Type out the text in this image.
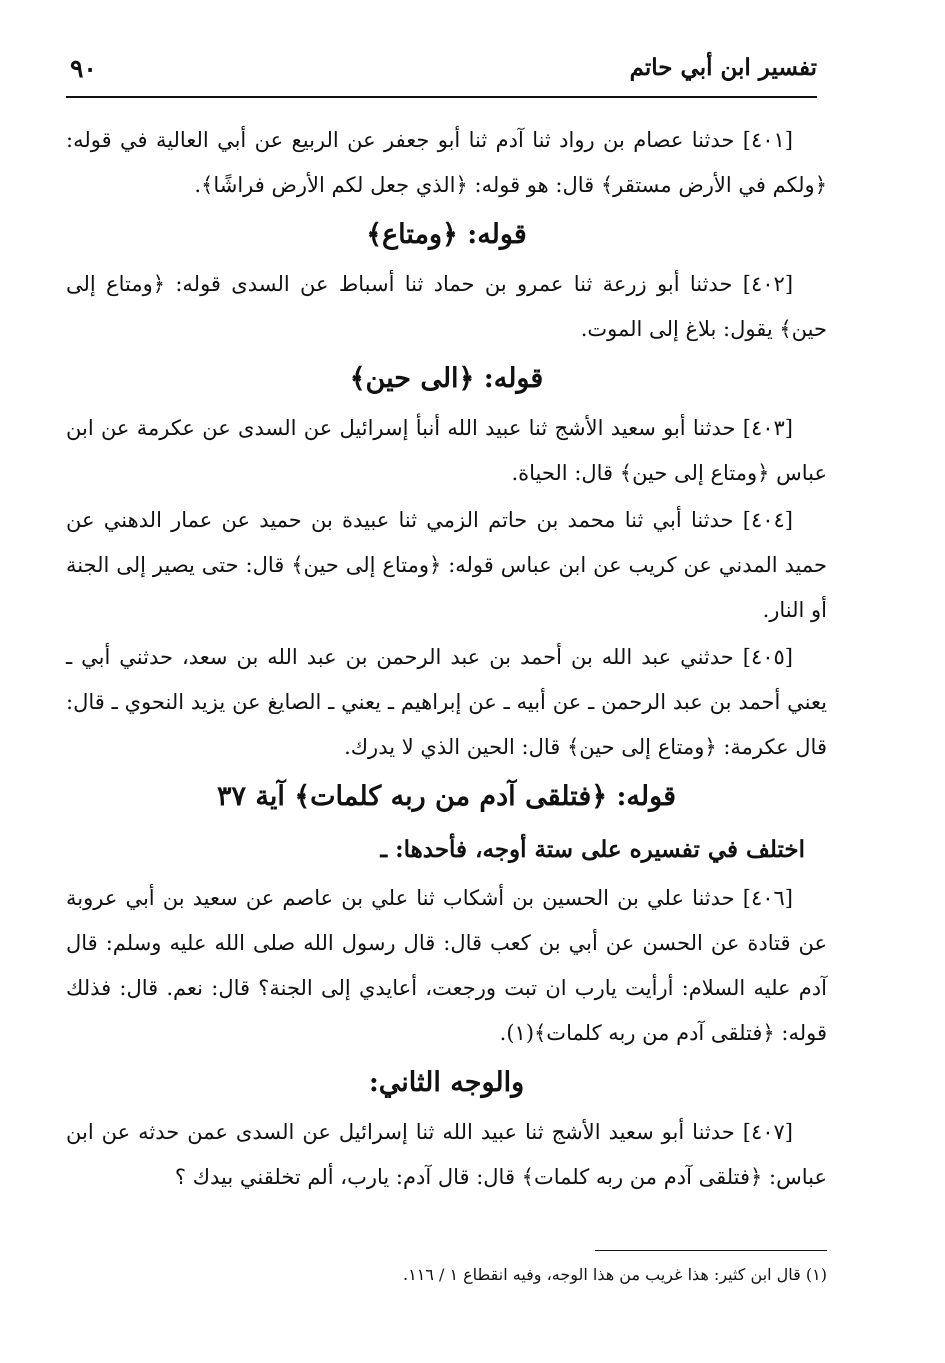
تفسير ابن أبي حاتم
٩٠

[٤٠١] حدثنا عصام بن رواد ثنا آدم ثنا أبو جعفر عن الربيع عن أبي العالية في قوله: ﴿ولكم في الأرض مستقر﴾ قال: هو قوله: ﴿الذي جعل لكم الأرض فراشًا﴾.

قوله: ﴿ومتاع﴾

[٤٠٢] حدثنا أبو زرعة ثنا عمرو بن حماد ثنا أسباط عن السدى قوله: ﴿ومتاع إلى حين﴾ يقول: بلاغ إلى الموت.

قوله: ﴿الى حين﴾

[٤٠٣] حدثنا أبو سعيد الأشج ثنا عبيد الله أنبأ إسرائيل عن السدى عن عكرمة عن ابن عباس ﴿ومتاع إلى حين﴾ قال: الحياة.

[٤٠٤] حدثنا أبي ثنا محمد بن حاتم الزمي ثنا عبيدة بن حميد عن عمار الدهني عن حميد المدني عن كريب عن ابن عباس قوله: ﴿ومتاع إلى حين﴾ قال: حتى يصير إلى الجنة أو النار.

[٤٠٥] حدثني عبد الله بن أحمد بن عبد الرحمن بن عبد الله بن سعد، حدثني أبي ـ يعني أحمد بن عبد الرحمن ـ عن أبيه ـ عن إبراهيم ـ يعني ـ الصايغ عن يزيد النحوي ـ قال: قال عكرمة: ﴿ومتاع إلى حين﴾ قال: الحين الذي لا يدرك.

قوله: ﴿فتلقى آدم من ربه كلمات﴾ آية ٣٧
اختلف في تفسيره على ستة أوجه، فأحدها: ـ

[٤٠٦] حدثنا علي بن الحسين بن أشكاب ثنا علي بن عاصم عن سعيد بن أبي عروبة عن قتادة عن الحسن عن أبي بن كعب قال: قال رسول الله صلى الله عليه وسلم: قال آدم عليه السلام: أرأيت يارب ان تبت ورجعت، أعايدي إلى الجنة؟ قال: نعم. قال: فذلك قوله: ﴿فتلقى آدم من ربه كلمات﴾(١).

والوجه الثاني:

[٤٠٧] حدثنا أبو سعيد الأشج ثنا عبيد الله ثنا إسرائيل عن السدى عمن حدثه عن ابن عباس: ﴿فتلقى آدم من ربه كلمات﴾ قال: قال آدم: يارب، ألم تخلقني بيدك ؟

(١) قال ابن كثير: هذا غريب من هذا الوجه، وفيه انقطاع ١ / ١١٦.
